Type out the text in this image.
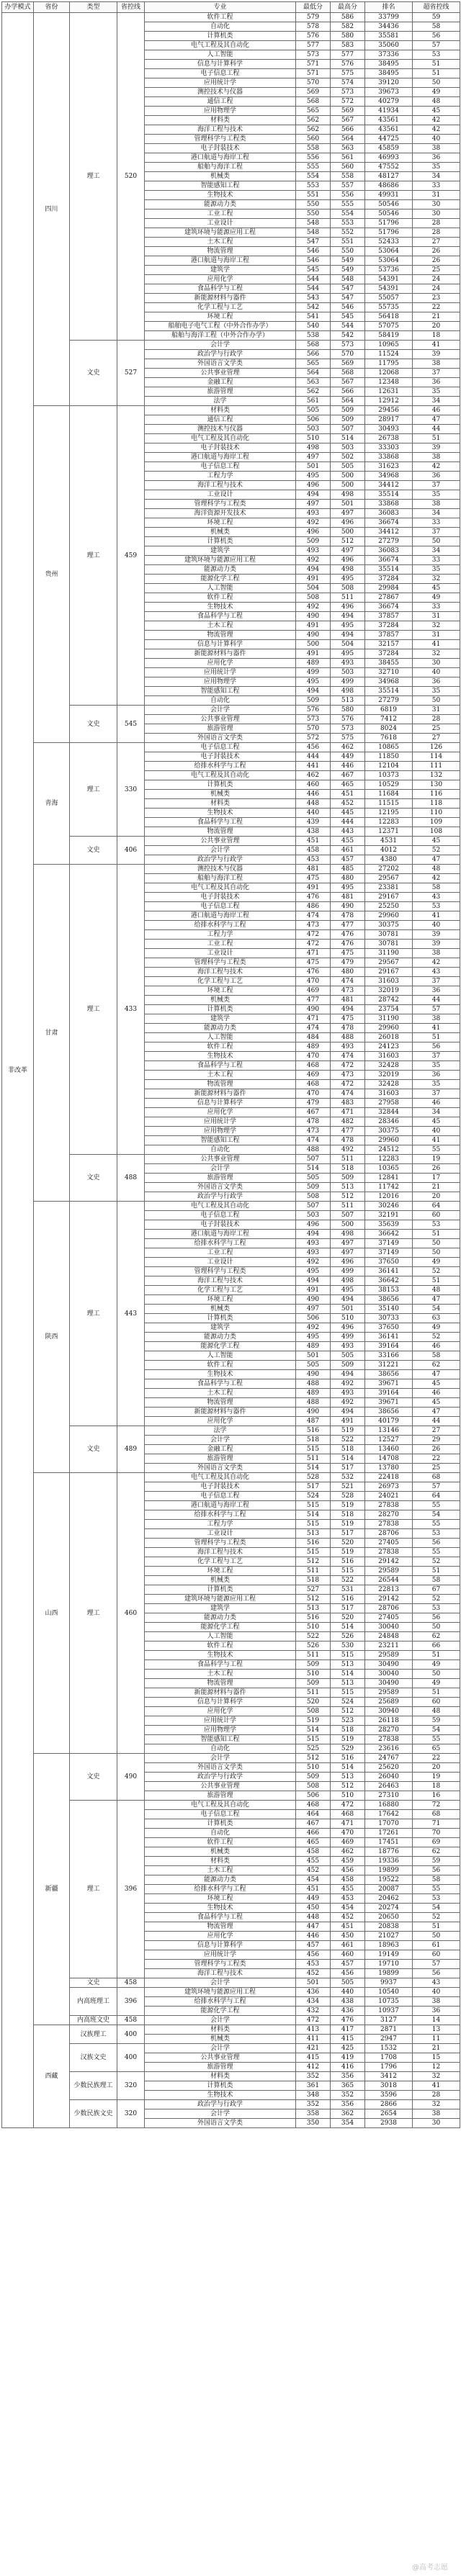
办学模式	省份	类型	省控线	专业	最低分	最高分	排名	超省控线
非改革	四川	理工	520	软件工程	579	586	33799	59
				自动化	578	582	34436	58
				计算机类	576	580	35581	56
				电气工程及其自动化	577	583	35060	57
				人工智能	573	577	37336	53
				信息与计算科学	571	576	38495	51
				电子信息工程	571	575	38495	51
				应用统计学	570	574	39120	50
				测控技术与仪器	569	573	39673	49
				通信工程	568	572	40279	48
				应用物理学	565	569	41934	45
				材料类	562	567	43561	42
				海洋工程与技术	562	566	43561	42
				管理科学与工程类	560	564	44725	40
				电子封装技术	558	563	45859	38
				港口航道与海岸工程	556	561	46993	36
				船舶与海洋工程	555	560	47552	35
				机械类	554	558	48127	34
				智能感知工程	553	557	48686	33
				生物技术	551	556	49931	31
				能源动力类	550	555	50546	30
				工业工程	550	554	50546	30
				工业设计	548	553	51796	28
				建筑环境与能源应用工程	548	552	51796	28
				土木工程	547	551	52433	27
				物流管理	546	550	53064	26
				港口航道与海岸工程	546	549	53064	26
				建筑学	545	549	53736	25
				应用化学	544	548	54391	24
				食品科学与工程	544	547	54391	24
				新能源材料与器件	543	547	55057	23
				化学工程与工艺	542	546	55735	22
				环境工程	541	545	56418	21
				船舶电子电气工程（中外合作办学）	540	544	57075	20
				船舶与海洋工程（中外合作办学）	538	542	58419	18
		文史	527	会计学	568	573	10965	41
				政治学与行政学	566	570	11524	39
				外国语言文学类	565	569	11795	38
				公共事业管理	564	568	12068	37
				金融工程	563	567	12348	36
				旅游管理	562	566	12631	35
				法学	561	564	12912	34
	贵州	理工	459	材料类	505	509	29456	46
				通信工程	506	509	28917	47
				测控技术与仪器	503	507	30493	44
				电气工程及其自动化	510	514	26738	51
				电子封装技术	498	503	33303	39
				港口航道与海岸工程	497	502	33868	38
				电子信息工程	501	505	31623	42
				工程力学	495	500	34968	36
				海洋工程与技术	496	500	34412	37
				工业设计	494	498	35514	35
				管理科学与工程类	497	501	33868	38
				海洋资源开发技术	493	497	36083	34
				环境工程	492	496	36674	33
				机械类	496	500	34412	37
				计算机类	509	512	27279	50
				建筑学	493	497	36083	34
				建筑环境与能源应用工程	492	496	36674	33
				能源动力类	494	498	35514	35
				能源化学工程	491	495	37284	32
				人工智能	504	508	29984	45
				软件工程	508	511	27867	49
				生物技术	492	496	36674	33
				食品科学与工程	490	494	37857	31
				土木工程	491	495	37284	32
				物流管理	490	494	37857	31
				信息与计算科学	500	504	32157	41
				新能源材料与器件	491	495	37284	32
				应用化学	489	493	38455	30
				应用统计学	499	503	32710	40
				应用物理学	495	499	34968	36
				智能感知工程	494	498	35514	35
				自动化	509	513	27279	50
		文史	545	会计学	576	580	6819	31
				公共事业管理	573	576	7412	28
				旅游管理	570	573	8024	25
				外国语言文学类	572	575	7618	27
	青海	理工	330	电子信息工程	456	462	10865	126
				电子封装技术	444	449	11850	114
				给排水科学与工程	441	446	12104	111
				电气工程及其自动化	462	467	10373	132
				计算机类	460	465	10529	130
				机械类	446	451	11684	116
				材料类	448	452	11515	118
				生物技术	440	445	12195	110
				食品科学与工程	439	444	12283	109
				物流管理	438	443	12371	108
		文史	406	公共事业管理	451	455	4531	45
				会计学	458	461	4012	52
				政治学与行政学	453	457	4380	47
	甘肃	理工	433	测控技术与仪器	481	485	27202	48
				船舶与海洋工程	475	480	29567	42
				电气工程及其自动化	491	495	23381	58
				电子封装技术	476	481	29167	43
				电子信息工程	486	490	25250	53
				港口航道与海岸工程	474	478	29960	41
				给排水科学与工程	473	477	30375	40
				工程力学	472	476	30781	39
				工业工程	472	476	30781	39
				工业设计	471	475	31190	38
				管理科学与工程类	475	479	29567	42
				海洋工程与技术	476	480	29167	43
				化学工程与工艺	470	474	31603	37
				环境工程	469	473	32019	36
				机械类	477	481	28742	44
				计算机类	490	494	23754	57
				建筑学	471	475	31190	38
				能源动力类	474	478	29960	41
				人工智能	484	488	26018	51
				软件工程	489	493	24123	56
				生物技术	470	474	31603	37
				食品科学与工程	468	472	32428	35
				土木工程	469	473	32019	36
				物流管理	468	472	32428	35
				新能源材料与器件	470	474	31603	37
				信息与计算科学	479	483	27958	46
				应用化学	467	471	32844	34
				应用统计学	478	482	28346	45
				应用物理学	473	477	30375	40
				智能感知工程	474	478	29960	41
				自动化	488	492	24512	55
		文史	488	公共事业管理	507	511	12283	19
				会计学	514	518	10365	26
				旅游管理	505	509	12841	17
				外国语言文学类	509	513	11742	21
				政治学与行政学	508	512	12016	20
	陕西	理工	443	电气工程及其自动化	507	511	30246	64
				电子信息工程	503	507	32191	60
				电子封装技术	496	500	35639	53
				港口航道与海岸工程	494	498	36642	51
				给排水科学与工程	493	497	37149	50
				工业工程	493	497	37149	50
				工业设计	492	496	37650	49
				管理科学与工程类	495	499	36141	52
				海洋工程与技术	494	498	36642	51
				化学工程与工艺	491	495	38153	48
				环境工程	490	494	38656	47
				机械类	497	501	35140	54
				计算机类	506	510	30733	63
				建筑学	492	496	37650	49
				能源动力类	495	499	36141	52
				能源化学工程	489	493	39164	46
				人工智能	501	505	33166	58
				软件工程	505	509	31221	62
				生物技术	490	494	38656	47
				食品科学与工程	488	492	39671	45
				土木工程	489	493	39164	46
				物流管理	488	492	39671	45
				新能源材料与器件	490	494	38656	47
				应用化学	487	491	40179	44
		文史	489	法学	516	519	13146	27
				会计学	518	522	12527	29
				金融工程	515	518	13460	26
				旅游管理	511	514	14708	22
				外国语言文学类	514	517	13780	25
	山西	理工	460	电气工程及其自动化	528	532	22418	68
				电子封装技术	517	521	26973	57
				电子信息工程	524	528	24021	64
				港口航道与海岸工程	515	519	27838	55
				给排水科学与工程	514	518	28270	54
				工程力学	515	519	27838	55
				工业设计	513	517	28706	53
				管理科学与工程类	516	520	27405	56
				海洋工程与技术	515	519	27838	55
				化学工程与工艺	512	516	29142	52
				环境工程	511	515	29589	51
				机械类	518	522	26544	58
				计算机类	527	531	22813	67
				建筑环境与能源应用工程	512	516	29142	52
				建筑学	513	517	28706	53
				能源动力类	516	520	27405	56
				能源化学工程	510	514	30040	50
				人工智能	522	526	24848	62
				软件工程	526	530	23211	66
				生物技术	511	515	29589	51
				食品科学与工程	509	513	30490	49
				土木工程	510	514	30040	50
				物流管理	509	513	30490	49
				新能源材料与器件	511	515	29589	51
				信息与计算科学	520	524	25689	60
				应用化学	508	512	30940	48
				应用统计学	519	523	26118	59
				应用物理学	514	518	28270	54
				智能感知工程	515	519	27838	55
				自动化	525	529	23616	65
	新疆	文史	490	会计学	512	516	24767	22
				外国语言文学类	510	514	25620	20
				政治学与行政学	509	513	26040	19
				公共事业管理	508	512	26463	18
				旅游管理	506	510	27310	16
		理工	396	电气工程及其自动化	468	472	16880	72
				电子信息工程	464	468	17642	68
				计算机类	467	471	17070	71
				自动化	466	470	17261	70
				软件工程	465	469	17451	69
				机械类	458	462	18776	62
				材料类	455	459	19336	59
				土木工程	452	456	19899	56
				能源动力类	454	458	19522	58
				给排水科学与工程	451	455	20087	55
				环境工程	449	453	20462	53
				生物技术	450	454	20274	54
				食品科学与工程	448	452	20650	52
				物流管理	447	451	20838	51
				应用化学	446	450	21027	50
				信息与计算科学	457	461	18963	61
				应用统计学	456	460	19149	60
				管理科学与工程类	453	457	19710	57
				海洋工程与技术	452	456	19899	56
		文史	458	会计学	501	505	9937	43
		内高班理工	396	建筑环境与能源应用工程	436	440	10540	40
				给排水科学与工程	434	438	10735	38
				能源化学工程	432	436	10937	36
		内高班文史	458	会计学	472	476	3127	14
	西藏	汉族理工	400	材料类	413	417	2871	13
				机械类	411	415	2947	11
		汉族文史	400	会计学	421	425	1532	21
				公共事业管理	415	419	1708	15
				旅游管理	412	416	1796	12
		少数民族理工	320	材料类	352	356	3412	32
				计算机类	361	365	3018	41
				生物技术	348	352	3596	28
		少数民族文史	320	政治学与行政学	352	356	2866	32
				会计学	358	362	2654	38
				外国语言文学类	350	354	2938	30
@高考志愿
